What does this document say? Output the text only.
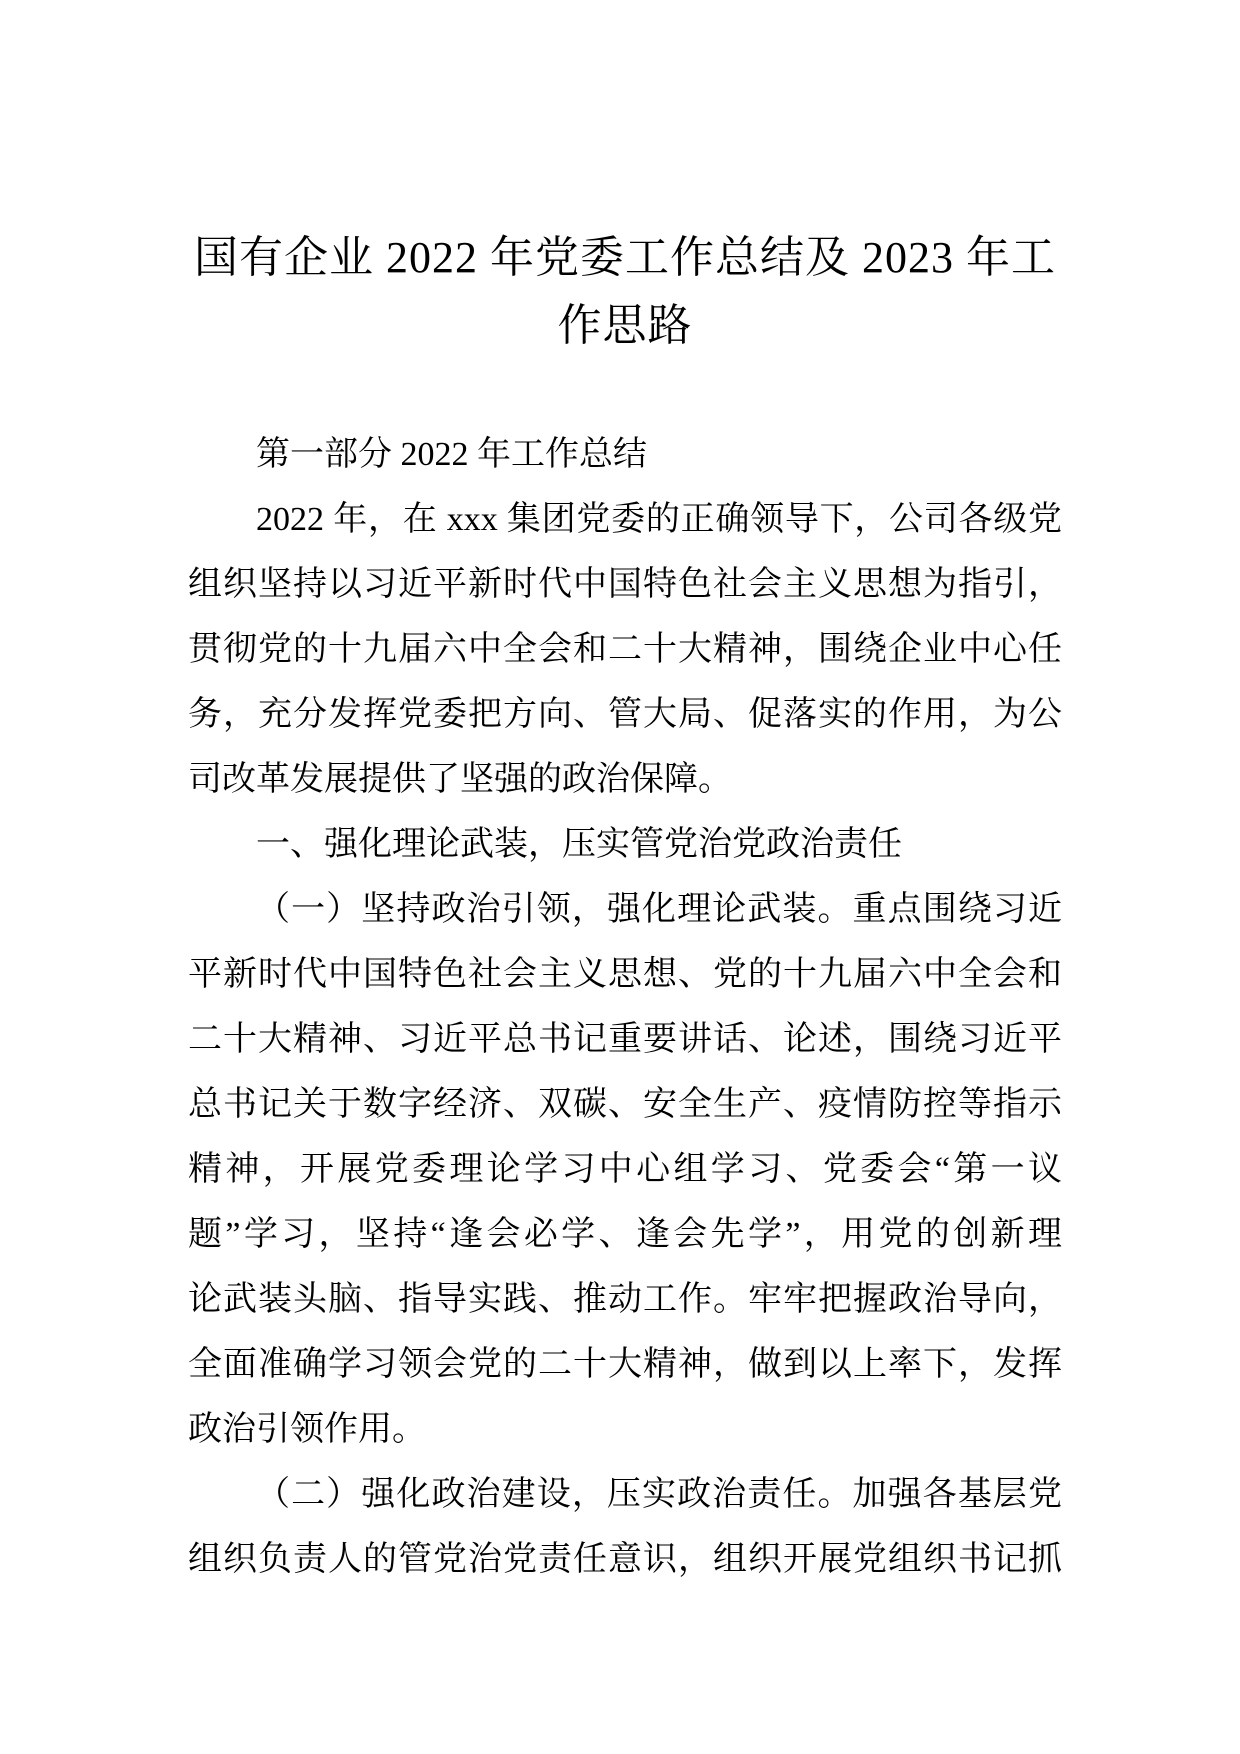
国有企业 2022 年党委工作总结及 2023 年工
作思路
第一部分 2022 年工作总结
2022 年，在 xxx 集团党委的正确领导下，公司各级党
组织坚持以习近平新时代中国特色社会主义思想为指引，
贯彻党的十九届六中全会和二十大精神，围绕企业中心任
务，充分发挥党委把方向、管大局、促落实的作用，为公
司改革发展提供了坚强的政治保障。
一、强化理论武装，压实管党治党政治责任
（一）坚持政治引领，强化理论武装。重点围绕习近
平新时代中国特色社会主义思想、党的十九届六中全会和
二十大精神、习近平总书记重要讲话、论述，围绕习近平
总书记关于数字经济、双碳、安全生产、疫情防控等指示
精神，开展党委理论学习中心组学习、党委会“第一议
题”学习，坚持“逢会必学、逢会先学”，用党的创新理
论武装头脑、指导实践、推动工作。牢牢把握政治导向，
全面准确学习领会党的二十大精神，做到以上率下，发挥
政治引领作用。
（二）强化政治建设，压实政治责任。加强各基层党
组织负责人的管党治党责任意识，组织开展党组织书记抓
